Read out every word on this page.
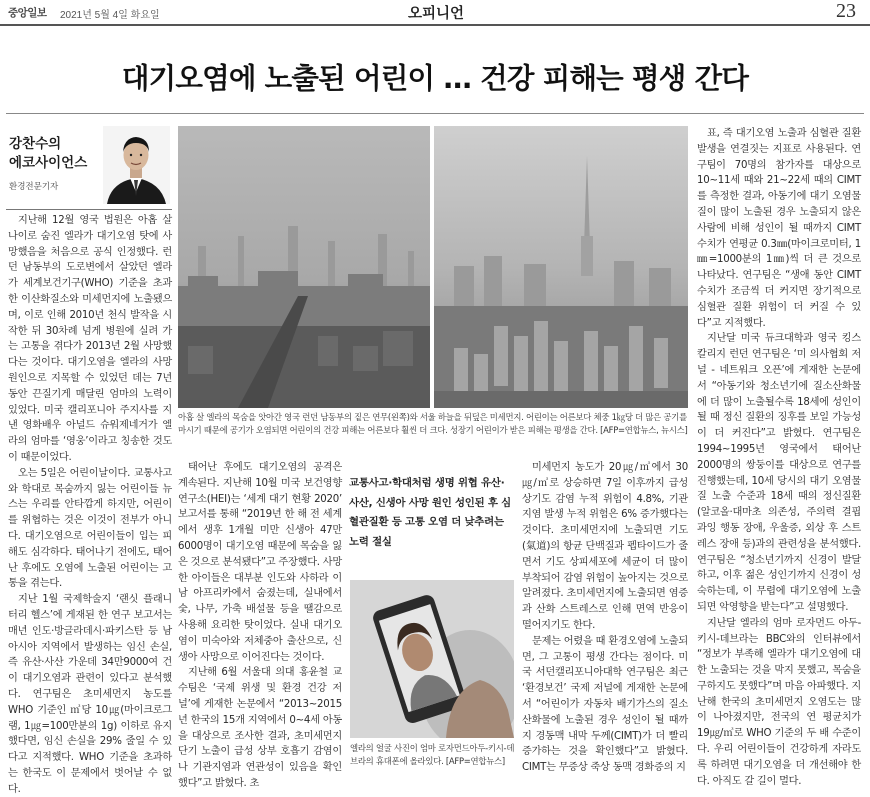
중앙일보 2021년 5월 4일 화요일	오피니언	23
대기오염에 노출된 어린이 … 건강 피해는 평생 간다
강찬수의
에코사이언스
환경전문기자

지난해 12월 영국 법원은 아홉 살 나이로 숨진 엘라가 대기오염 탓에 사망했음을 처음으로 공식 인정했다. 런던 남동부의 도로변에서 살았던 엘라가 세계보건기구(WHO) 기준을 초과한 이산화질소와 미세먼지에 노출됐으며, 이로 인해 2010년 천식 발작을 시작한 뒤 30차례 넘게 병원에 실려 가는 고통을 겪다가 2013년 2월 사망했다는 것이다. 대기오염을 엘라의 사망 원인으로 지목할 수 있었던 데는 7년 동안 끈질기게 매달린 엄마의 노력이 있었다. 미국 캘리포니아 주지사를 지낸 영화배우 아널드 슈워제네거가 엘라의 엄마를 ‘영웅’이라고 칭송한 것도 이 때문이었다.

오는 5일은 어린이날이다. 교통사고와 학대로 목숨까지 잃는 어린이들 뉴스는 우리를 안타깝게 하지만, 어린이를 위협하는 것은 이것이 전부가 아니다. 대기오염으로 어린이들이 입는 피해도 심각하다. 태어나기 전에도, 태어난 후에도 오염에 노출된 어린이는 고통을 겪는다.

지난 1월 국제학술지 ‘랜싯 플래니터리 헬스’에 게재된 한 연구 보고서는 매년 인도·방글라데시·파키스탄 등 남아시아 지역에서 발생하는 임신 손실, 즉 유산·사산 가운데 34만9000여 건이 대기오염과 관련이 있다고 분석했다. 연구팀은 초미세먼지 농도를 WHO 기준인 ㎥당 10㎍(마이크로그램, 1㎍=100만분의 1g) 이하로 유지했다면, 임신 손실을 29% 줄일 수 있다고 지적했다. WHO 기준을 초과하는 한국도 이 문제에서 벗어날 수 없다.

아홉 살 엘라의 목숨을 앗아간 영국 런던 남동부의 짙은 연무(왼쪽)와 서울 하늘을 뒤덮은 미세먼지. 어린이는 어른보다 체중 1㎏당 더 많은 공기를 마시기 때문에 공기가 오염되면 어린이의 건강 피해는 어른보다 훨씬 더 크다. 성장기 어린이가 받은 피해는 평생을 간다. [AFP=연합뉴스, 뉴시스]

태어난 후에도 대기오염의 공격은 계속된다. 지난해 10월 미국 보건영향연구소(HEI)는 ‘세계 대기 현황 2020’ 보고서를 통해 “2019년 한 해 전 세계에서 생후 1개월 미만 신생아 47만6000명이 대기오염 때문에 목숨을 잃은 것으로 분석됐다”고 주장했다. 사망한 아이들은 대부분 인도와 사하라 이남 아프리카에서 숨졌는데, 실내에서 숯, 나무, 가축 배설물 등을 땔감으로 사용해 요리한 탓이었다. 실내 대기오염이 미숙아와 저체중아 출산으로, 신생아 사망으로 이어진다는 것이다.

지난해 6월 서울대 의대 홍윤철 교수팀은 ‘국제 위생 및 환경 건강 저널’에 게재한 논문에서 “2013~2015년 한국의 15개 지역에서 0~4세 아동을 대상으로 조사한 결과, 초미세먼지 단기 노출이 급성 상부 호흡기 감염이나 기관지염과 연관성이 있음을 확인했다”고 밝혔다. 초

교통사고·학대처럼 생명 위협 유산·사산, 신생아 사망 원인 성인된 후 심혈관질환 등 고통 오염 더 낮추려는 노력 절실
엘라의 얼굴 사진이 엄마 로자먼드아두-키시-데브라의 휴대폰에 올라있다. [AFP=연합뉴스]

미세먼지 농도가 20㎍/㎥에서 30㎍/㎥로 상승하면 7일 이후까지 급성 상기도 감염 누적 위험이 4.8%, 기관지염 발생 누적 위험은 6% 증가했다는 것이다. 초미세먼지에 노출되면 기도(氣道)의 항균 단백질과 펩타이드가 줄면서 기도 상피세포에 세균이 더 많이 부착되어 감염 위험이 높아지는 것으로 알려졌다. 초미세먼지에 노출되면 염증과 산화 스트레스로 인해 면역 반응이 떨어지기도 한다.

문제는 어렸을 때 환경오염에 노출되면, 그 고통이 평생 간다는 점이다. 미국 서던캘리포니아대학 연구팀은 최근 ‘환경보건’ 국제 저널에 게재한 논문에서 “어린이가 자동차 배기가스의 질소산화물에 노출된 경우 성인이 될 때까지 경동맥 내막 두께(CIMT)가 더 빨리 증가하는 것을 확인했다”고 밝혔다. CIMT는 무증상 죽상 동맥 경화증의 지

표, 즉 대기오염 노출과 심혈관 질환 발생을 연결짓는 지표로 사용된다. 연구팀이 70명의 참가자를 대상으로 10~11세 때와 21~22세 때의 CIMT를 측정한 결과, 아동기에 대기 오염물질이 많이 노출된 경우 노출되지 않은 사람에 비해 성인이 될 때까지 CIMT 수치가 연평균 0.3㎜(마이크로미터, 1㎜=1000분의 1㎜)씩 더 큰 것으로 나타났다. 연구팀은 “생애 동안 CIMT 수치가 조금씩 더 커지면 장기적으로 심혈관 질환 위험이 더 커질 수 있다”고 지적했다.

지난달 미국 듀크대학과 영국 킹스칼리지 런던 연구팀은 ‘미 의사협회 저널 - 네트워크 오픈’에 게재한 논문에서 “아동기와 청소년기에 질소산화물에 더 많이 노출될수록 18세에 성인이 될 때 정신 질환의 징후를 보일 가능성이 더 커진다”고 밝혔다. 연구팀은 1994~1995년 영국에서 태어난 2000명의 쌍둥이를 대상으로 연구를 진행했는데, 10세 당시의 대기 오염물질 노출 수준과 18세 때의 정신질환(알코올·대마초 의존성, 주의력 결핍 과잉 행동 장애, 우울증, 외상 후 스트레스 장애 등)과의 관련성을 분석했다. 연구팀은 “청소년기까지 신경이 발달하고, 이후 젊은 성인기까지 신경이 성숙하는데, 이 무렵에 대기오염에 노출되면 악영향을 받는다”고 설명했다.

지난달 엘라의 엄마 로자먼드 아두-키시-데브라는 BBC와의 인터뷰에서 “정보가 부족해 엘라가 대기오염에 대한 노출되는 것을 막지 못했고, 목숨을 구하지도 못했다”며 마음 아파했다. 지난해 한국의 초미세먼지 오염도는 많이 나아졌지만, 전국의 연 평균치가 19㎍/㎥로 WHO 기준의 두 배 수준이다. 우리 어린이들이 건강하게 자라도록 하려면 대기오염을 더 개선해야 한다. 아직도 갈 길이 멀다.
